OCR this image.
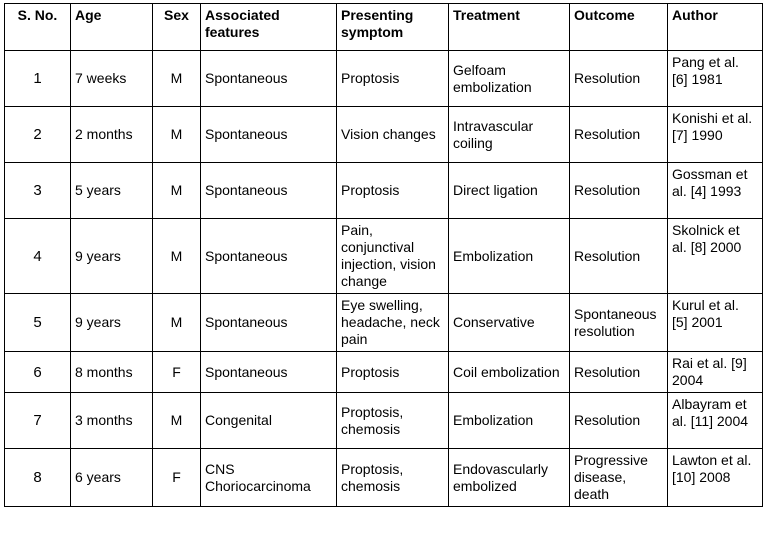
S. No.	Age	Sex	Associated features	Presenting symptom	Treatment	Outcome	Author
1	7 weeks	M	Spontaneous	Proptosis	Gelfoam embolization	Resolution	Pang et al. [6] 1981
2	2 months	M	Spontaneous	Vision changes	Intravascular coiling	Resolution	Konishi et al. [7] 1990
3	5 years	M	Spontaneous	Proptosis	Direct ligation	Resolution	Gossman et al. [4] 1993
4	9 years	M	Spontaneous	Pain, conjunctival injection, vision change	Embolization	Resolution	Skolnick et al. [8] 2000
5	9 years	M	Spontaneous	Eye swelling, headache, neck pain	Conservative	Spontaneous resolution	Kurul et al. [5] 2001
6	8 months	F	Spontaneous	Proptosis	Coil embolization	Resolution	Rai et al. [9] 2004
7	3 months	M	Congenital	Proptosis, chemosis	Embolization	Resolution	Albayram et al. [11] 2004
8	6 years	F	CNS Choriocarcinoma	Proptosis, chemosis	Endovascularly embolized	Progressive disease, death	Lawton et al. [10] 2008
